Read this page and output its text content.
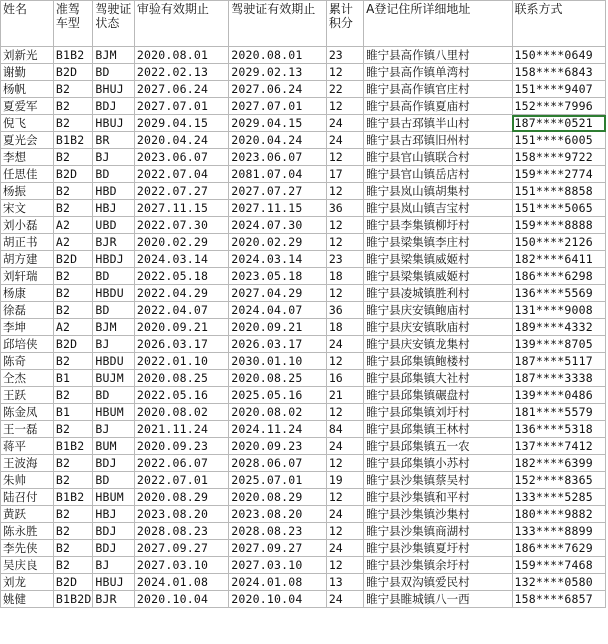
姓名	准驾车型	驾驶证状态	审验有效期止	驾驶证有效期止	累计积分	A登记住所详细地址	联系方式
刘新光	B1B2	BJM	2020.08.01	2020.08.01	23	睢宁县高作镇八里村	150****0649
谢勤	B2D	BD	2022.02.13	2029.02.13	12	睢宁县高作镇单湾村	158****6843
杨帆	B2	BHUJ	2027.06.24	2027.06.24	22	睢宁县高作镇官庄村	151****9407
夏爱军	B2	BDJ	2027.07.01	2027.07.01	12	睢宁县高作镇夏庙村	152****7996
倪飞	B2	HBUJ	2029.04.15	2029.04.15	24	睢宁县古邳镇半山村	187****0521
夏光会	B1B2	BR	2020.04.24	2020.04.24	24	睢宁县古邳镇旧州村	151****6005
李想	B2	BJ	2023.06.07	2023.06.07	12	睢宁县官山镇联合村	158****9722
任思佳	B2D	BD	2022.07.04	2081.07.04	17	睢宁县官山镇岳店村	159****2774
杨振	B2	HBD	2022.07.27	2027.07.27	12	睢宁县岚山镇胡集村	151****8858
宋文	B2	HBJ	2027.11.15	2027.11.15	36	睢宁县岚山镇吉宝村	151****5065
刘小磊	A2	UBD	2022.07.30	2024.07.30	12	睢宁县李集镇柳圩村	159****8888
胡正书	A2	BJR	2020.02.29	2020.02.29	12	睢宁县梁集镇李庄村	150****2126
胡方建	B2D	HBDJ	2024.03.14	2024.03.14	23	睢宁县梁集镇威姬村	182****6411
刘轩瑞	B2	BD	2022.05.18	2023.05.18	18	睢宁县梁集镇威姬村	186****6298
杨康	B2	HBDU	2022.04.29	2027.04.29	12	睢宁县凌城镇胜利村	136****5569
徐磊	B2	BD	2022.04.07	2024.04.07	36	睢宁县庆安镇鲍庙村	131****9008
李坤	A2	BJM	2020.09.21	2020.09.21	18	睢宁县庆安镇耿庙村	189****4332
邱培侠	B2D	BJ	2026.03.17	2026.03.17	24	睢宁县庆安镇龙集村	139****8705
陈奇	B2	HBDU	2022.01.10	2030.01.10	12	睢宁县邱集镇鲍楼村	187****5117
仝杰	B1	BUJM	2020.08.25	2020.08.25	16	睢宁县邱集镇大社村	187****3338
王跃	B2	BD	2022.05.16	2025.05.16	21	睢宁县邱集镇碾盘村	139****0486
陈金凤	B1	HBUM	2020.08.02	2020.08.02	12	睢宁县邱集镇刘圩村	181****5579
王一磊	B2	BJ	2021.11.24	2024.11.24	84	睢宁县邱集镇王林村	136****5318
蒋平	B1B2	BUM	2020.09.23	2020.09.23	24	睢宁县邱集镇五一农	137****7412
王波海	B2	BDJ	2022.06.07	2028.06.07	12	睢宁县邱集镇小苏村	182****6399
朱帅	B2	BD	2022.07.01	2025.07.01	19	睢宁县沙集镇蔡吴村	152****8365
陆召付	B1B2	HBUM	2020.08.29	2020.08.29	12	睢宁县沙集镇和平村	133****5285
黄跃	B2	HBJ	2023.08.20	2023.08.20	24	睢宁县沙集镇沙集村	180****9882
陈永胜	B2	BDJ	2028.08.23	2028.08.23	12	睢宁县沙集镇商湖村	133****8899
李先侠	B2	BDJ	2027.09.27	2027.09.27	24	睢宁县沙集镇夏圩村	186****7629
吴庆良	B2	BJ	2027.03.10	2027.03.10	12	睢宁县沙集镇余圩村	159****7468
刘龙	B2D	HBUJ	2024.01.08	2024.01.08	13	睢宁县双沟镇爱民村	132****0580
姚健	B1B2D	BJR	2020.10.04	2020.10.04	24	睢宁县睢城镇八一西	158****6857
